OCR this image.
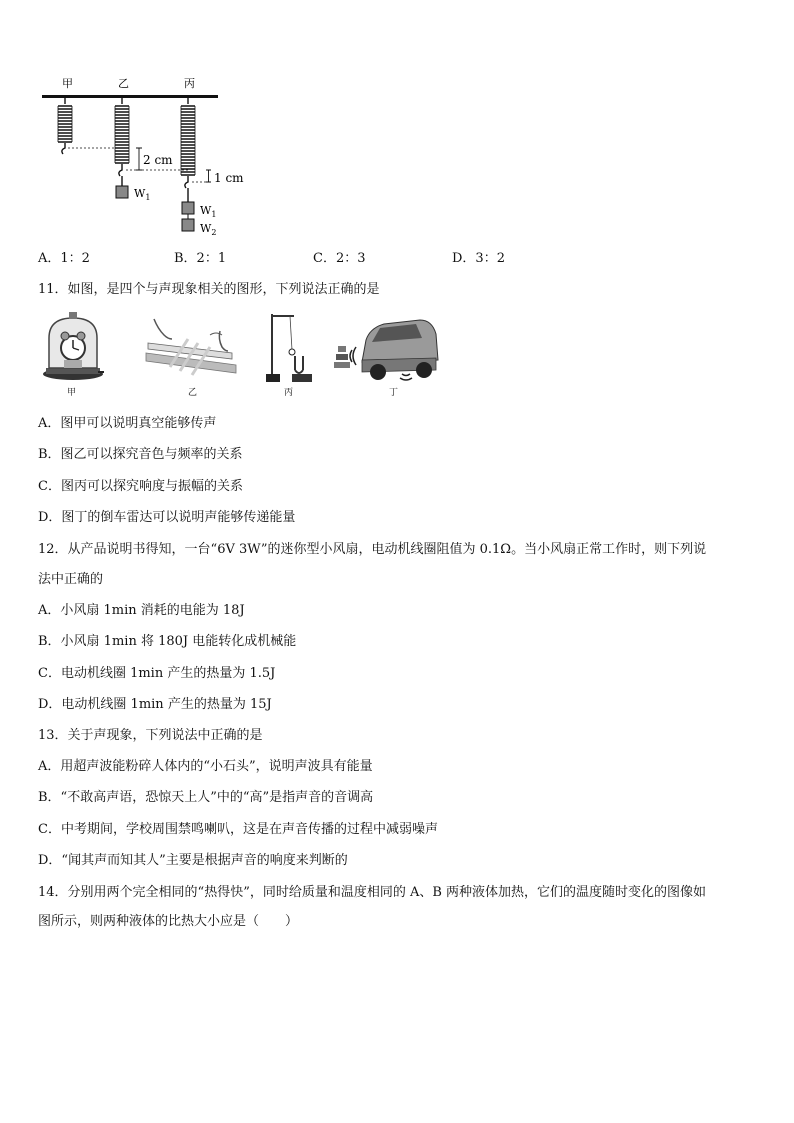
甲	乙	丙
$W_1$
$W_1$
$W_2$
2 cm
1 cm
A．1：2	B．2：1	C．2：3	D．3：2
11．如图，是四个与声现象相关的图形，下列说法正确的是
甲	乙	丙	丁
A．图甲可以说明真空能够传声
B．图乙可以探究音色与频率的关系
C．图丙可以探究响度与振幅的关系
D．图丁的倒车雷达可以说明声能够传递能量
12．从产品说明书得知，一台“6V 3W”的迷你型小风扇，电动机线圈阻值为 0.1Ω。当小风扇正常工作时，则下列说
法中正确的
A．小风扇 1min 消耗的电能为 18J
B．小风扇 1min 将 180J 电能转化成机械能
C．电动机线圈 1min 产生的热量为 1.5J
D．电动机线圈 1min 产生的热量为 15J
13．关于声现象，下列说法中正确的是
A．用超声波能粉碎人体内的“小石头”，说明声波具有能量
B．“不敢高声语，恐惊天上人”中的“高”是指声音的音调高
C．中考期间，学校周围禁鸣喇叭，这是在声音传播的过程中减弱噪声
D．“闻其声而知其人”主要是根据声音的响度来判断的
14．分别用两个完全相同的“热得快”，同时给质量和温度相同的 A、B 两种液体加热，它们的温度随时变化的图像如
图所示，则两种液体的比热大小应是（　　）
